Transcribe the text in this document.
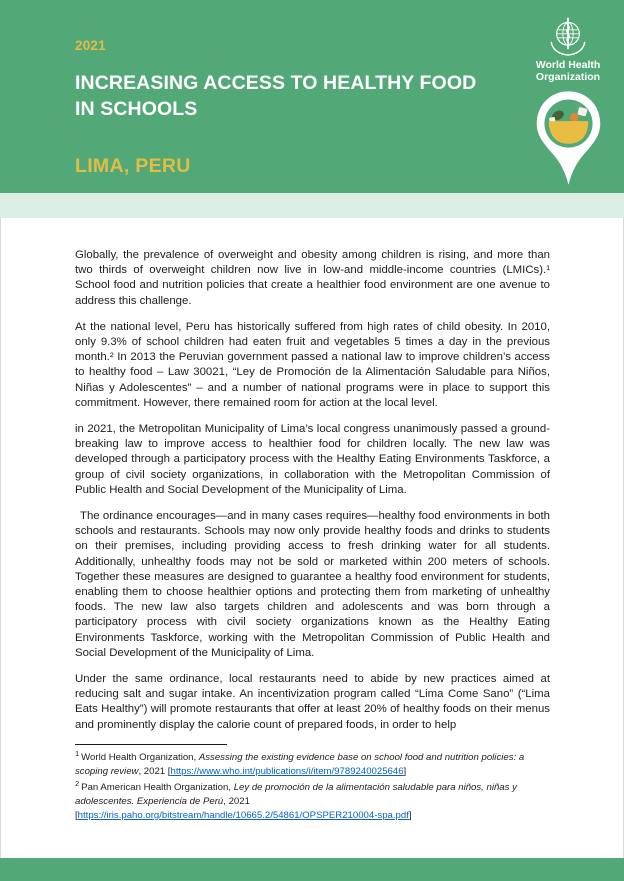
2021
INCREASING ACCESS TO HEALTHY FOOD
IN SCHOOLS
LIMA, PERU
World Health
Organization

Globally, the prevalence of overweight and obesity among children is rising, and more than two thirds of overweight children now live in low-and middle-income countries (LMICs).¹ School food and nutrition policies that create a healthier food environment are one avenue to address this challenge.

At the national level, Peru has historically suffered from high rates of child obesity. In 2010, only 9.3% of school children had eaten fruit and vegetables 5 times a day in the previous month.² In 2013 the Peruvian government passed a national law to improve children’s access to healthy food – Law 30021, “Ley de Promoción de la Alimentación Saludable para Niños, Niñas y Adolescentes” – and a number of national programs were in place to support this commitment. However, there remained room for action at the local level.

in 2021, the Metropolitan Municipality of Lima’s local congress unanimously passed a ground-breaking law to improve access to healthier food for children locally. The new law was developed through a participatory process with the Healthy Eating Environments Taskforce, a group of civil society organizations, in collaboration with the Metropolitan Commission of Public Health and Social Development of the Municipality of Lima.

The ordinance encourages—and in many cases requires—healthy food environments in both schools and restaurants. Schools may now only provide healthy foods and drinks to students on their premises, including providing access to fresh drinking water for all students. Additionally, unhealthy foods may not be sold or marketed within 200 meters of schools. Together these measures are designed to guarantee a healthy food environment for students, enabling them to choose healthier options and protecting them from marketing of unhealthy foods. The new law also targets children and adolescents and was born through a participatory process with civil society organizations known as the Healthy Eating Environments Taskforce, working with the Metropolitan Commission of Public Health and Social Development of the Municipality of Lima.

Under the same ordinance, local restaurants need to abide by new practices aimed at reducing salt and sugar intake. An incentivization program called “Lima Come Sano” (“Lima Eats Healthy”) will promote restaurants that offer at least 20% of healthy foods on their menus and prominently display the calorie count of prepared foods, in order to help

$^1$ World Health Organization, Assessing the existing evidence base on school food and nutrition policies: a scoping review, 2021 [https://www.who.int/publications/i/item/9789240025646]
$^2$ Pan American Health Organization, Ley de promoción de la alimentación saludable para niños, niñas y adolescentes. Experiencia de Perú, 2021 [https://iris.paho.org/bitstream/handle/10665.2/54861/OPSPER210004-spa.pdf]
